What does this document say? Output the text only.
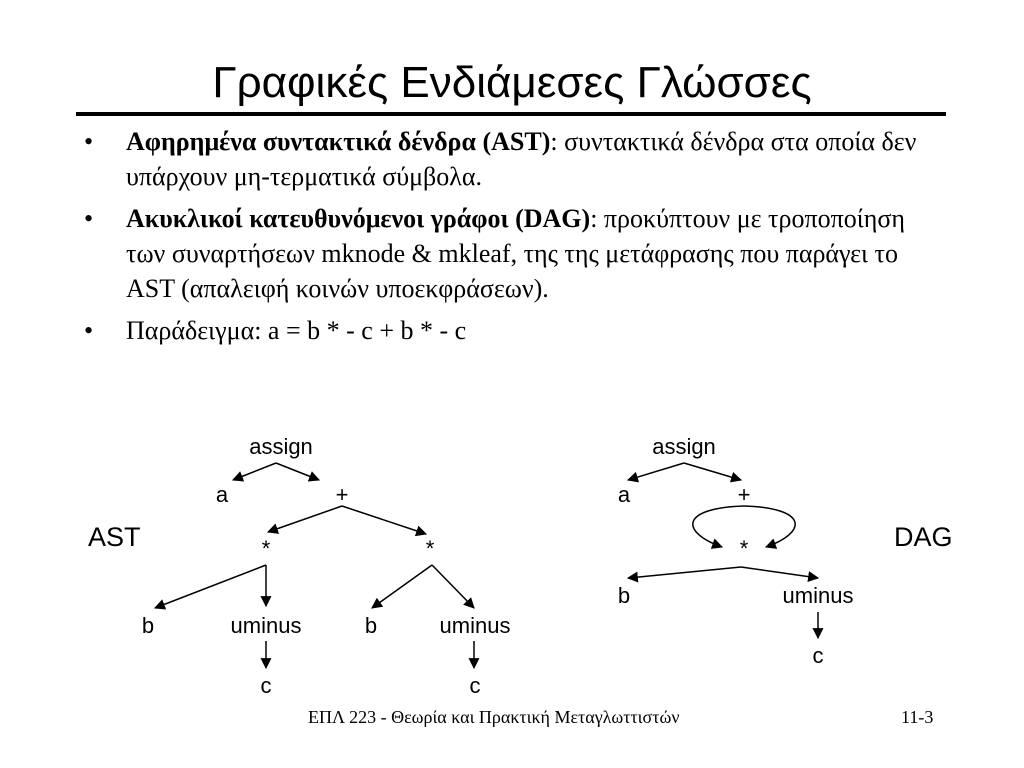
Γραφικές Ενδιάμεσες Γλώσσες
• Αφηρημένα συντακτικά δένδρα (AST): συντακτικά δένδρα στα οποία δεν υπάρχουν μη-τερματικά σύμβολα.
• Ακυκλικοί κατευθυνόμενοι γράφοι (DAG): προκύπτουν με τροποποίηση των συναρτήσεων mknode & mkleaf, της της μετάφρασης που παράγει το AST (απαλειφή κοινών υποεκφράσεων).
• Παράδειγμα: a = b * - c + b * - c
AST	DAG
assign
a	+
*	*
b	uminus	b	uminus
c	c
assign
a	+
*
b	uminus
c
ΕΠΛ 223 - Θεωρία και Πρακτική Μεταγλωττιστών	11-3
